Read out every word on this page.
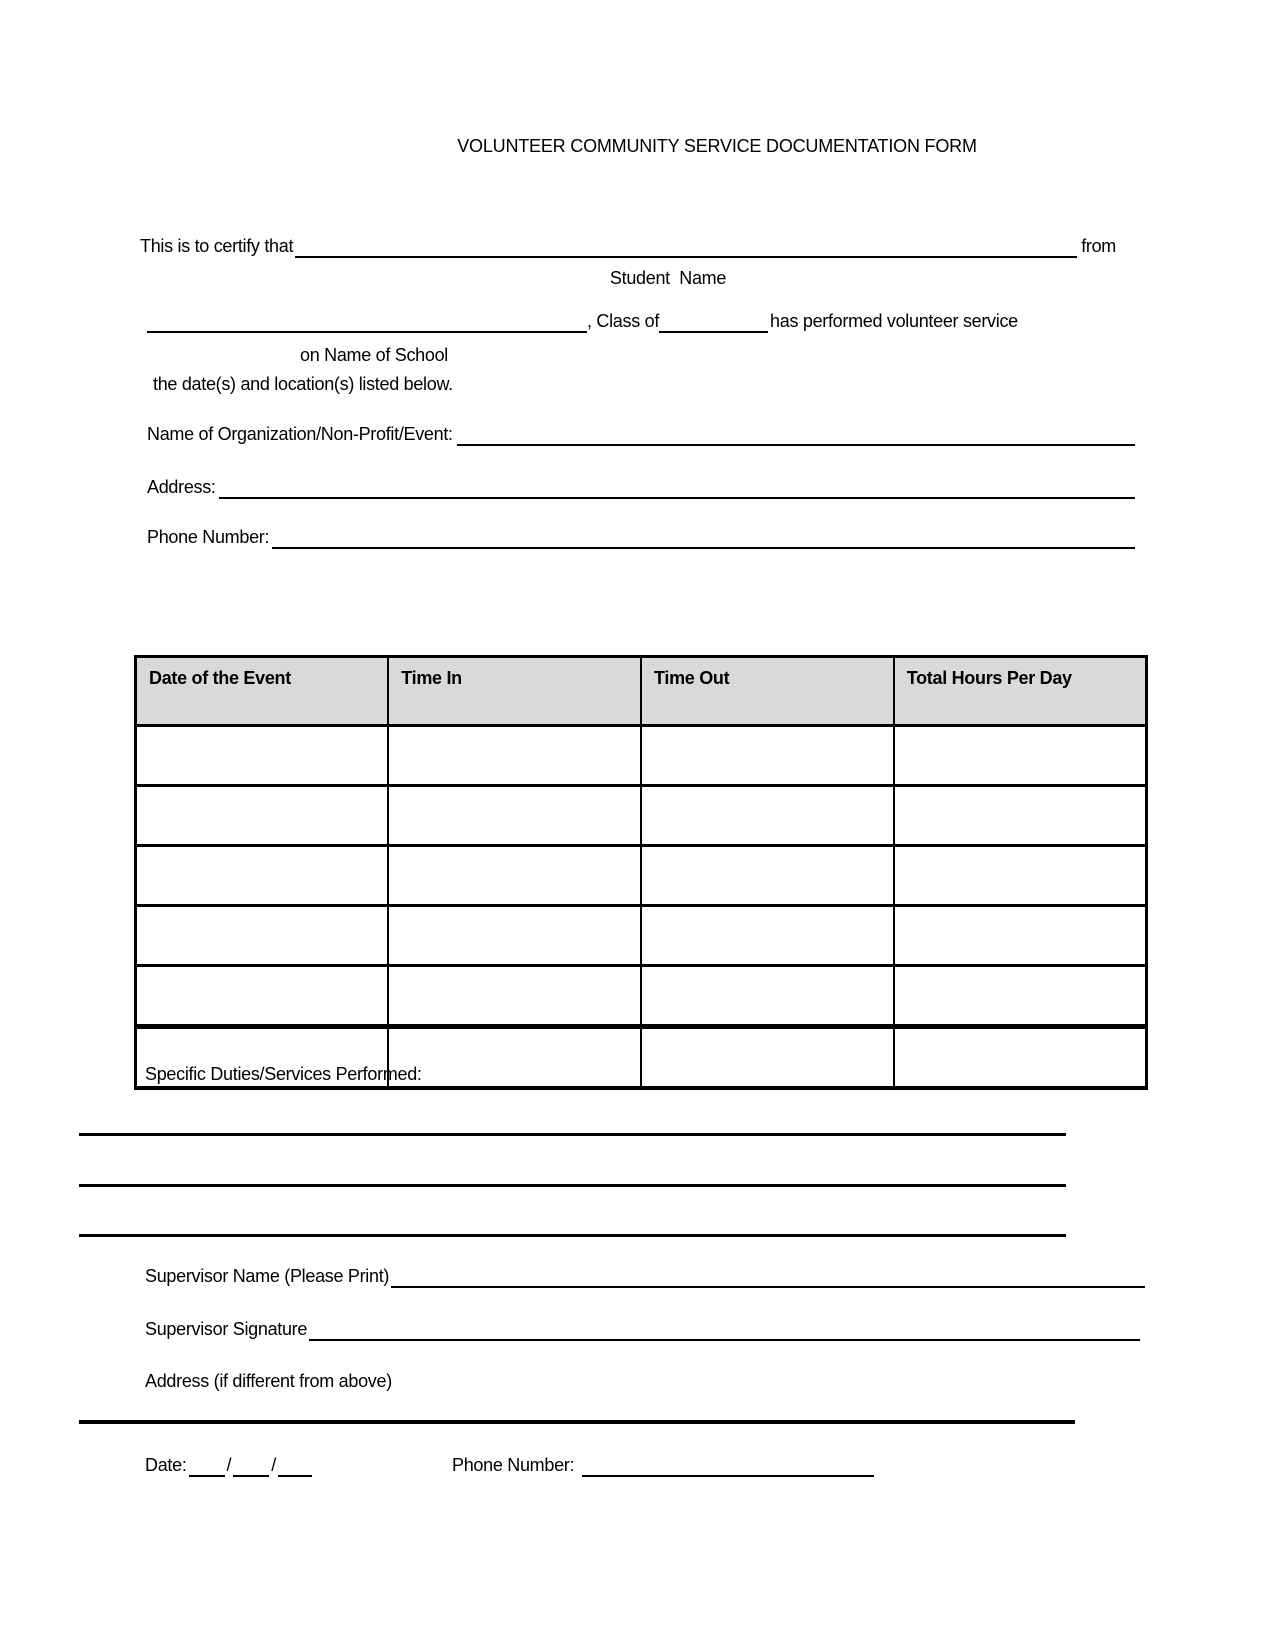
VOLUNTEER COMMUNITY SERVICE DOCUMENTATION FORM
This is to certify that	from
Student  Name
, Class of	has performed volunteer service
on Name of School
the date(s) and location(s) listed below.
Name of Organization/Non-Profit/Event:
Address:
Phone Number:
Date of the Event	Time In	Time Out	Total Hours Per Day

Specific Duties/Services Performed:
Supervisor Name (Please Print)
Supervisor Signature
Address (if different from above)
Date: / /	Phone Number:
